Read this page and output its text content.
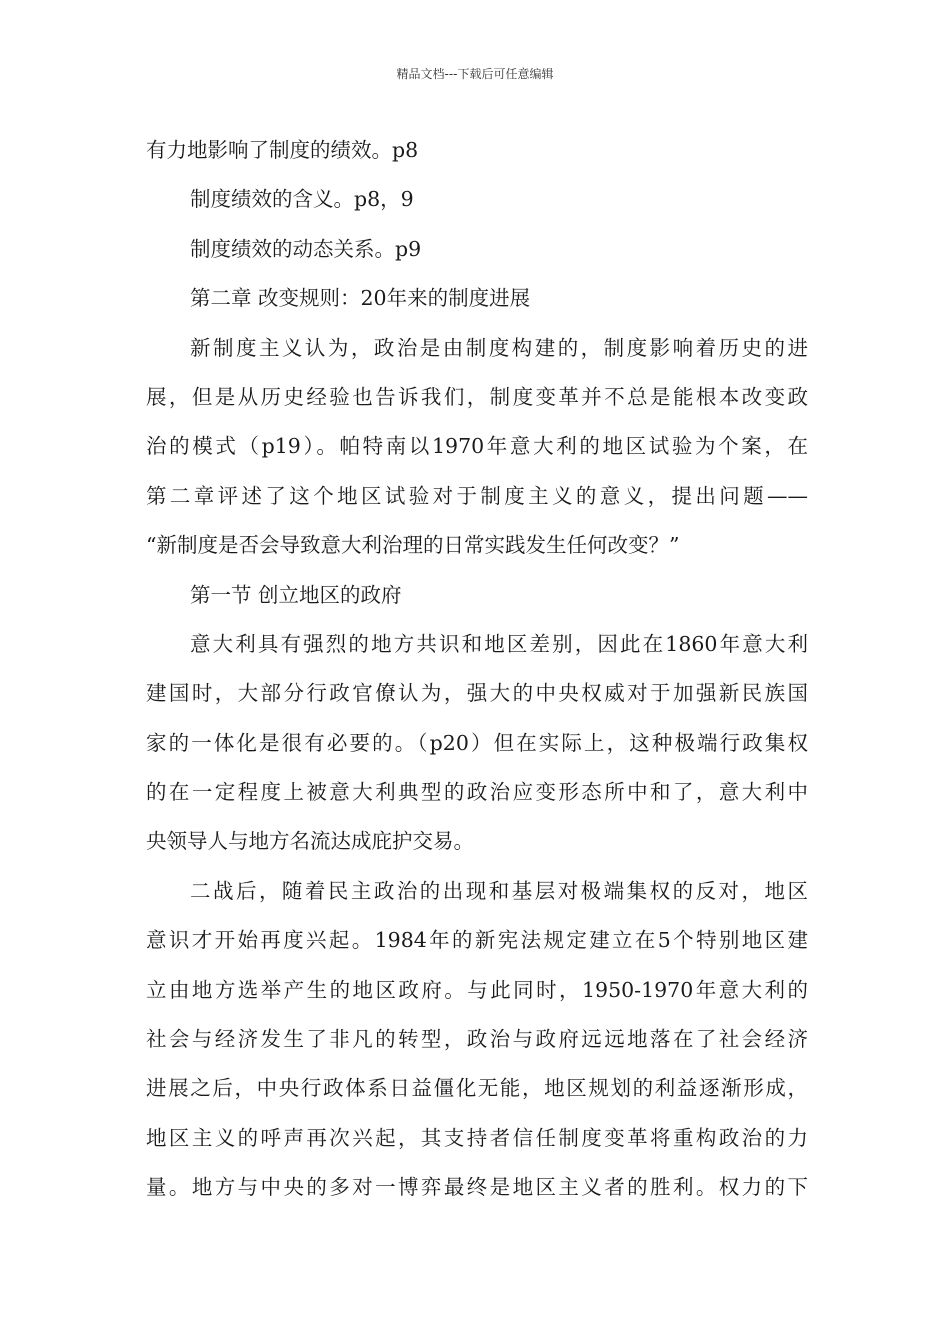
精品文档---下载后可任意编辑
有力地影响了制度的绩效。p8
制度绩效的含义。p8，9
制度绩效的动态关系。p9
第二章 改变规则：20年来的制度进展
新制度主义认为，政治是由制度构建的，制度影响着历史的进
展，但是从历史经验也告诉我们，制度变革并不总是能根本改变政
治的模式（p19）。帕特南以1970年意大利的地区试验为个案，在
第二章评述了这个地区试验对于制度主义的意义，提出问题——
“新制度是否会导致意大利治理的日常实践发生任何改变？”
第一节 创立地区的政府
意大利具有强烈的地方共识和地区差别，因此在1860年意大利
建国时，大部分行政官僚认为，强大的中央权威对于加强新民族国
家的一体化是很有必要的。（p20）但在实际上，这种极端行政集权
的在一定程度上被意大利典型的政治应变形态所中和了，意大利中
央领导人与地方名流达成庇护交易。
二战后，随着民主政治的出现和基层对极端集权的反对，地区
意识才开始再度兴起。1984年的新宪法规定建立在5个特别地区建
立由地方选举产生的地区政府。与此同时，1950-1970年意大利的
社会与经济发生了非凡的转型，政治与政府远远地落在了社会经济
进展之后，中央行政体系日益僵化无能，地区规划的利益逐渐形成，
地区主义的呼声再次兴起，其支持者信任制度变革将重构政治的力
量。地方与中央的多对一博弈最终是地区主义者的胜利。权力的下
